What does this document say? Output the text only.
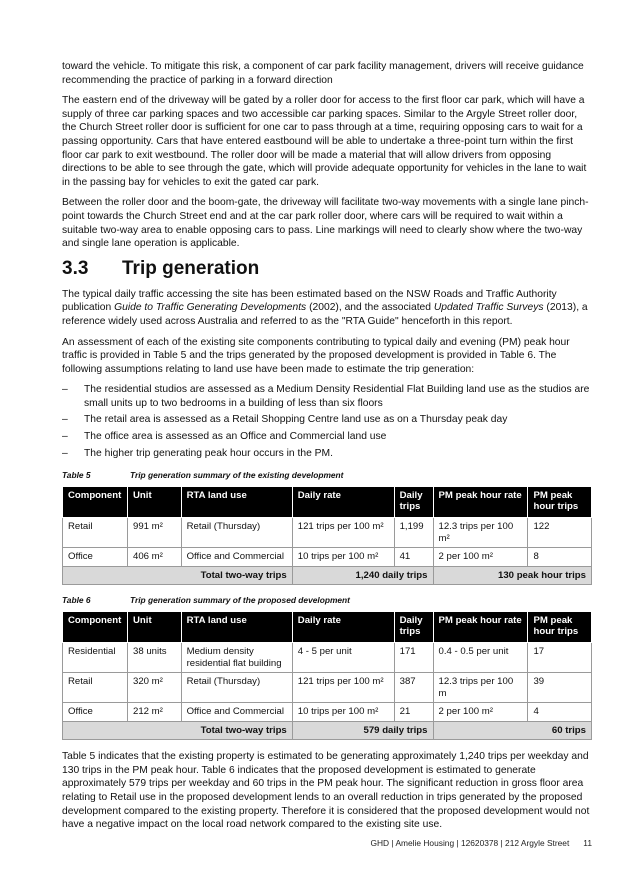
toward the vehicle. To mitigate this risk, a component of car park facility management, drivers will receive guidance recommending the practice of parking in a forward direction

The eastern end of the driveway will be gated by a roller door for access to the first floor car park, which will have a supply of three car parking spaces and two accessible car parking spaces. Similar to the Argyle Street roller door, the Church Street roller door is sufficient for one car to pass through at a time, requiring opposing cars to wait for a passing opportunity. Cars that have entered eastbound will be able to undertake a three-point turn within the first floor car park to exit westbound. The roller door will be made a material that will allow drivers from opposing directions to be able to see through the gate, which will provide adequate opportunity for vehicles in the lane to wait in the passing bay for vehicles to exit the gated car park.

Between the roller door and the boom-gate, the driveway will facilitate two-way movements with a single lane pinch-point towards the Church Street end and at the car park roller door, where cars will be required to wait within a suitable two-way area to enable opposing cars to pass. Line markings will need to clearly show where the two-way and single lane operation is applicable.

3.3	Trip generation

The typical daily traffic accessing the site has been estimated based on the NSW Roads and Traffic Authority publication Guide to Traffic Generating Developments (2002), and the associated Updated Traffic Surveys (2013), a reference widely used across Australia and referred to as the "RTA Guide" henceforth in this report.

An assessment of each of the existing site components contributing to typical daily and evening (PM) peak hour traffic is provided in Table 5 and the trips generated by the proposed development is provided in Table 6. The following assumptions relating to land use have been made to estimate the trip generation:

– The residential studios are assessed as a Medium Density Residential Flat Building land use as the studios are small units up to two bedrooms in a building of less than six floors
– The retail area is assessed as a Retail Shopping Centre land use as on a Thursday peak day
– The office area is assessed as an Office and Commercial land use
– The higher trip generating peak hour occurs in the PM.
Table 5	Trip generation summary of the existing development
Component	Unit	RTA land use	Daily rate	Daily trips	PM peak hour rate	PM peak hour trips
Retail	991 m²	Retail (Thursday)	121 trips per 100 m²	1,199	12.3 trips per 100 m²	122
Office	406 m²	Office and Commercial	10 trips per 100 m²	41	2 per 100 m²	8
Total two-way trips			1,240 daily trips		130 peak hour trips	
Table 6	Trip generation summary of the proposed development
Component	Unit	RTA land use	Daily rate	Daily trips	PM peak hour rate	PM peak hour trips
Residential	38 units	Medium density residential flat building	4 - 5 per unit	171	0.4 - 0.5 per unit	17
Retail	320 m²	Retail (Thursday)	121 trips per 100 m²	387	12.3 trips per 100 m	39
Office	212 m²	Office and Commercial	10 trips per 100 m²	21	2 per 100 m²	4
Total two-way trips			579 daily trips		60 trips	

Table 5 indicates that the existing property is estimated to be generating approximately 1,240 trips per weekday and 130 trips in the PM peak hour. Table 6 indicates that the proposed development is estimated to generate approximately 579 trips per weekday and 60 trips in the PM peak hour. The significant reduction in gross floor area relating to Retail use in the proposed development lends to an overall reduction in trips generated by the proposed development compared to the existing property. Therefore it is considered that the proposed development would not have a negative impact on the local road network compared to the existing site use.

GHD | Amelie Housing | 12620378 | 212 Argyle Street 11
